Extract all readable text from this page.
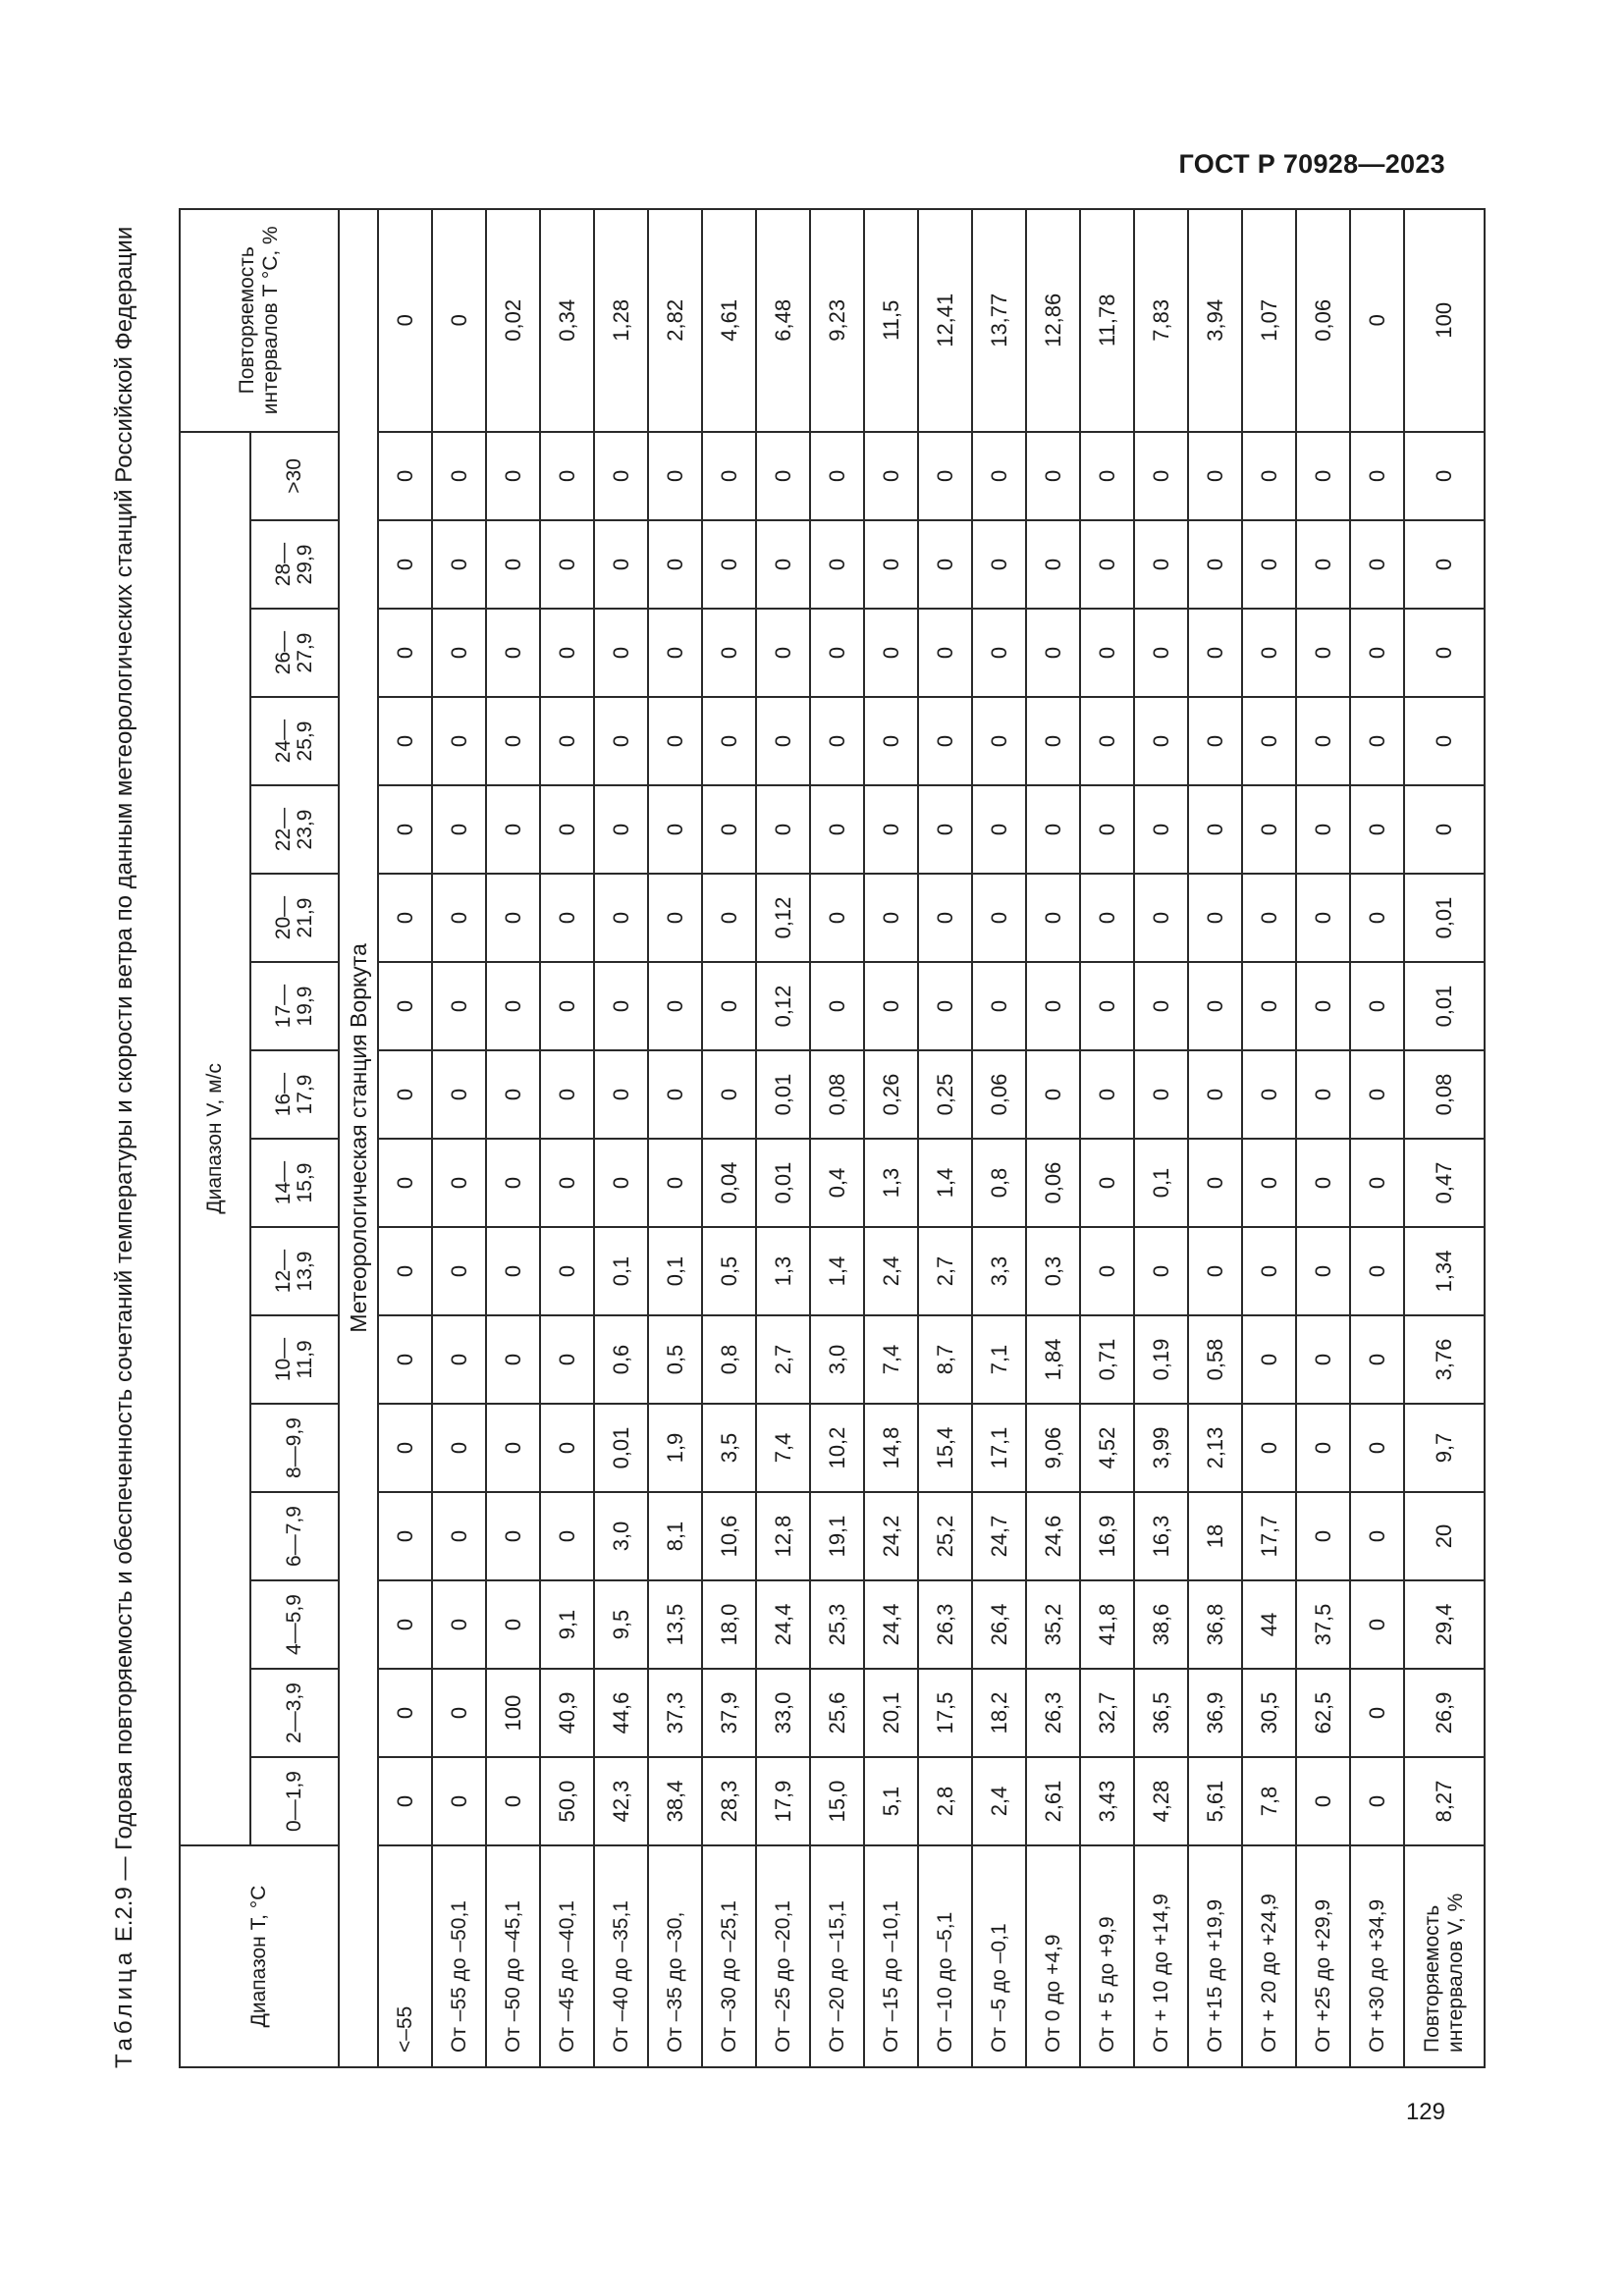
ГОСТ Р 70928—2023

Таблица Е.2.9 — Годовая повторяемость и обеспеченность сочетаний температуры и скорости ветра по данным метеорологических станций Российской Федерации

Диапазон T, °С	Диапазон V, м/с																Повторяемость интервалов T °С, %
	0—1,9	2—3,9	4—5,9	6—7,9	8—9,9	10—11,9	12—13,9	14—15,9	16—17,9	17—19,9	20—21,9	22—23,9	24—25,9	26—27,9	28—29,9	>30	
Метеорологическая станция Воркута																	
<–55	0	0	0	0	0	0	0	0	0	0	0	0	0	0	0	0	0
От –55 до –50,1	0	0	0	0	0	0	0	0	0	0	0	0	0	0	0	0	0
От –50 до –45,1	0	100	0	0	0	0	0	0	0	0	0	0	0	0	0	0	0,02
От –45 до –40,1	50,0	40,9	9,1	0	0	0	0	0	0	0	0	0	0	0	0	0	0,34
От –40 до –35,1	42,3	44,6	9,5	3,0	0,01	0,6	0,1	0	0	0	0	0	0	0	0	0	1,28
От –35 до –30,	38,4	37,3	13,5	8,1	1,9	0,5	0,1	0	0	0	0	0	0	0	0	0	2,82
От –30 до –25,1	28,3	37,9	18,0	10,6	3,5	0,8	0,5	0,04	0	0	0	0	0	0	0	0	4,61
От –25 до –20,1	17,9	33,0	24,4	12,8	7,4	2,7	1,3	0,01	0,01	0,12	0,12	0	0	0	0	0	6,48
От –20 до –15,1	15,0	25,6	25,3	19,1	10,2	3,0	1,4	0,4	0,08	0	0	0	0	0	0	0	9,23
От –15 до –10,1	5,1	20,1	24,4	24,2	14,8	7,4	2,4	1,3	0,26	0	0	0	0	0	0	0	11,5
От –10 до –5,1	2,8	17,5	26,3	25,2	15,4	8,7	2,7	1,4	0,25	0	0	0	0	0	0	0	12,41
От –5 до –0,1	2,4	18,2	26,4	24,7	17,1	7,1	3,3	0,8	0,06	0	0	0	0	0	0	0	13,77
От 0 до +4,9	2,61	26,3	35,2	24,6	9,06	1,84	0,3	0,06	0	0	0	0	0	0	0	0	12,86
От + 5 до +9,9	3,43	32,7	41,8	16,9	4,52	0,71	0	0	0	0	0	0	0	0	0	0	11,78
От + 10 до +14,9	4,28	36,5	38,6	16,3	3,99	0,19	0	0,1	0	0	0	0	0	0	0	0	7,83
От +15 до +19,9	5,61	36,9	36,8	18	2,13	0,58	0	0	0	0	0	0	0	0	0	0	3,94
От + 20 до +24,9	7,8	30,5	44	17,7	0	0	0	0	0	0	0	0	0	0	0	0	1,07
От +25 до +29,9	0	62,5	37,5	0	0	0	0	0	0	0	0	0	0	0	0	0	0,06
От +30 до +34,9	0	0	0	0	0	0	0	0	0	0	0	0	0	0	0	0	0
Повторяемость интервалов V, %	8,27	26,9	29,4	20	9,7	3,76	1,34	0,47	0,08	0,01	0,01	0	0	0	0	0	100
129
